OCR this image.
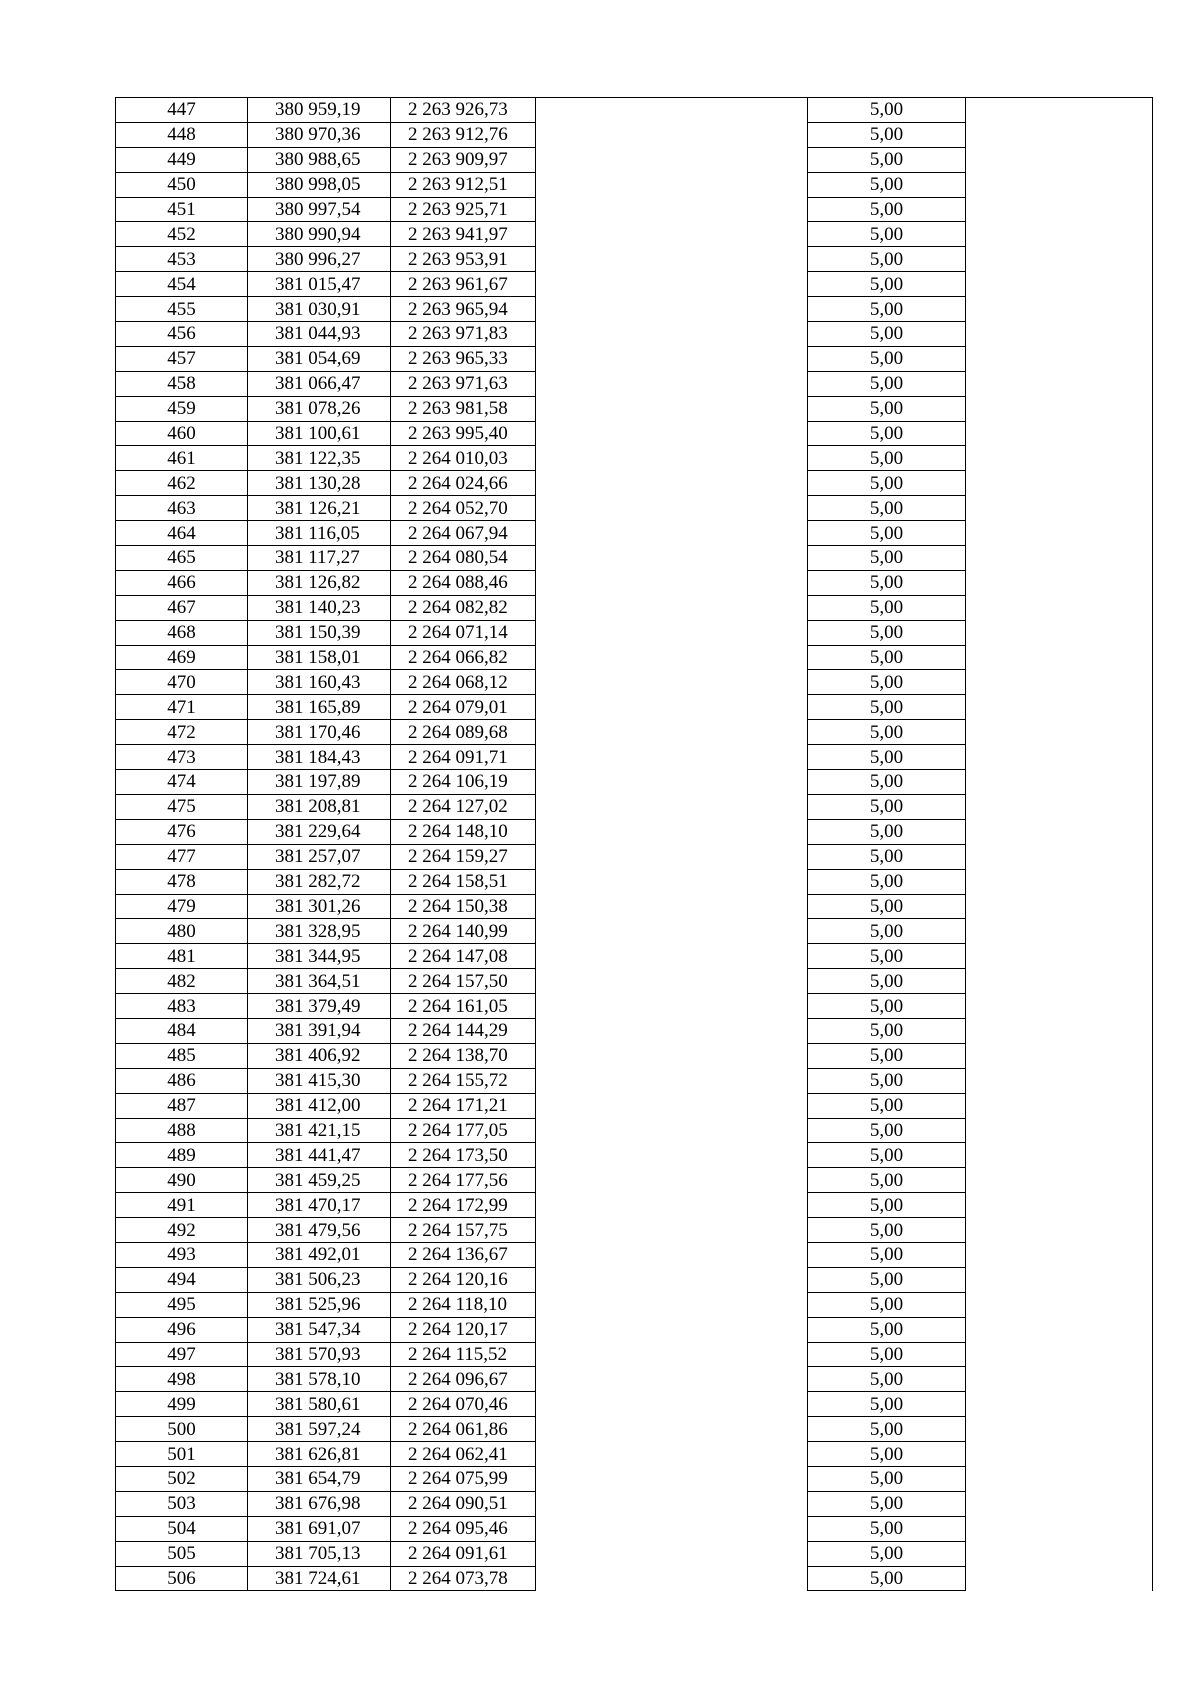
447	380 959,19	2 263 926,73		5,00	
448	380 970,36	2 263 912,76		5,00	
449	380 988,65	2 263 909,97		5,00	
450	380 998,05	2 263 912,51		5,00	
451	380 997,54	2 263 925,71		5,00	
452	380 990,94	2 263 941,97		5,00	
453	380 996,27	2 263 953,91		5,00	
454	381 015,47	2 263 961,67		5,00	
455	381 030,91	2 263 965,94		5,00	
456	381 044,93	2 263 971,83		5,00	
457	381 054,69	2 263 965,33		5,00	
458	381 066,47	2 263 971,63		5,00	
459	381 078,26	2 263 981,58		5,00	
460	381 100,61	2 263 995,40		5,00	
461	381 122,35	2 264 010,03		5,00	
462	381 130,28	2 264 024,66		5,00	
463	381 126,21	2 264 052,70		5,00	
464	381 116,05	2 264 067,94		5,00	
465	381 117,27	2 264 080,54		5,00	
466	381 126,82	2 264 088,46		5,00	
467	381 140,23	2 264 082,82		5,00	
468	381 150,39	2 264 071,14		5,00	
469	381 158,01	2 264 066,82		5,00	
470	381 160,43	2 264 068,12		5,00	
471	381 165,89	2 264 079,01		5,00	
472	381 170,46	2 264 089,68		5,00	
473	381 184,43	2 264 091,71		5,00	
474	381 197,89	2 264 106,19		5,00	
475	381 208,81	2 264 127,02		5,00	
476	381 229,64	2 264 148,10		5,00	
477	381 257,07	2 264 159,27		5,00	
478	381 282,72	2 264 158,51		5,00	
479	381 301,26	2 264 150,38		5,00	
480	381 328,95	2 264 140,99		5,00	
481	381 344,95	2 264 147,08		5,00	
482	381 364,51	2 264 157,50		5,00	
483	381 379,49	2 264 161,05		5,00	
484	381 391,94	2 264 144,29		5,00	
485	381 406,92	2 264 138,70		5,00	
486	381 415,30	2 264 155,72		5,00	
487	381 412,00	2 264 171,21		5,00	
488	381 421,15	2 264 177,05		5,00	
489	381 441,47	2 264 173,50		5,00	
490	381 459,25	2 264 177,56		5,00	
491	381 470,17	2 264 172,99		5,00	
492	381 479,56	2 264 157,75		5,00	
493	381 492,01	2 264 136,67		5,00	
494	381 506,23	2 264 120,16		5,00	
495	381 525,96	2 264 118,10		5,00	
496	381 547,34	2 264 120,17		5,00	
497	381 570,93	2 264 115,52		5,00	
498	381 578,10	2 264 096,67		5,00	
499	381 580,61	2 264 070,46		5,00	
500	381 597,24	2 264 061,86		5,00	
501	381 626,81	2 264 062,41		5,00	
502	381 654,79	2 264 075,99		5,00	
503	381 676,98	2 264 090,51		5,00	
504	381 691,07	2 264 095,46		5,00	
505	381 705,13	2 264 091,61		5,00	
506	381 724,61	2 264 073,78		5,00	
